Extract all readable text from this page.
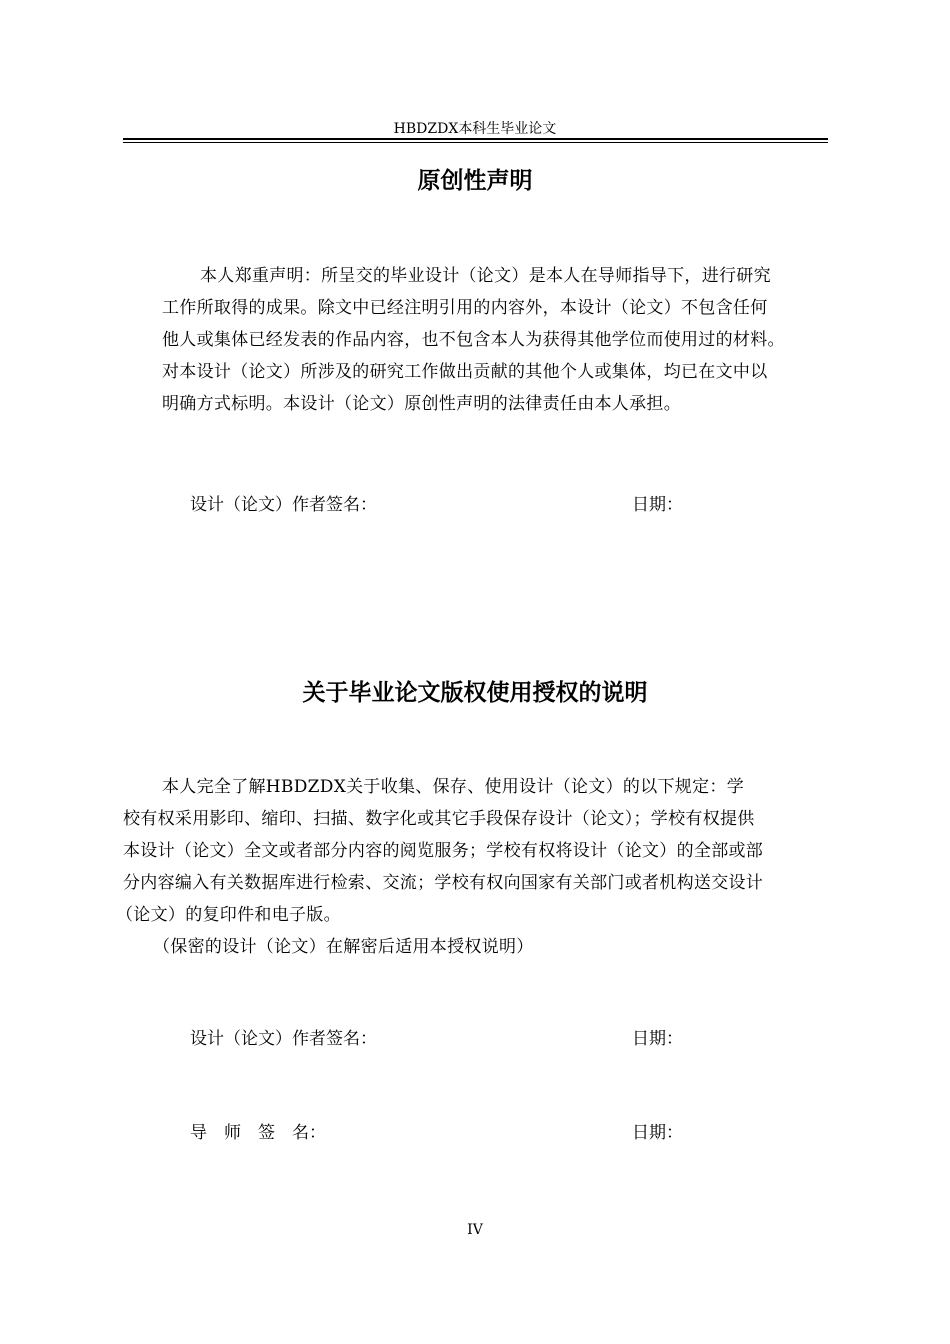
HBDZDX本科生毕业论文
原创性声明
本人郑重声明：所呈交的毕业设计（论文）是本人在导师指导下，进行研究
工作所取得的成果。除文中已经注明引用的内容外，本设计（论文）不包含任何
他人或集体已经发表的作品内容，也不包含本人为获得其他学位而使用过的材料。
对本设计（论文）所涉及的研究工作做出贡献的其他个人或集体，均已在文中以
明确方式标明。本设计（论文）原创性声明的法律责任由本人承担。
设计（论文）作者签名：	日期：
关于毕业论文版权使用授权的说明
本人完全了解HBDZDX关于收集、保存、使用设计（论文）的以下规定：学
校有权采用影印、缩印、扫描、数字化或其它手段保存设计（论文）；学校有权提供
本设计（论文）全文或者部分内容的阅览服务；学校有权将设计（论文）的全部或部
分内容编入有关数据库进行检索、交流；学校有权向国家有关部门或者机构送交设计
（论文）的复印件和电子版。
（保密的设计（论文）在解密后适用本授权说明）
设计（论文）作者签名：	日期：
导　师　签　名：	日期：
IV
